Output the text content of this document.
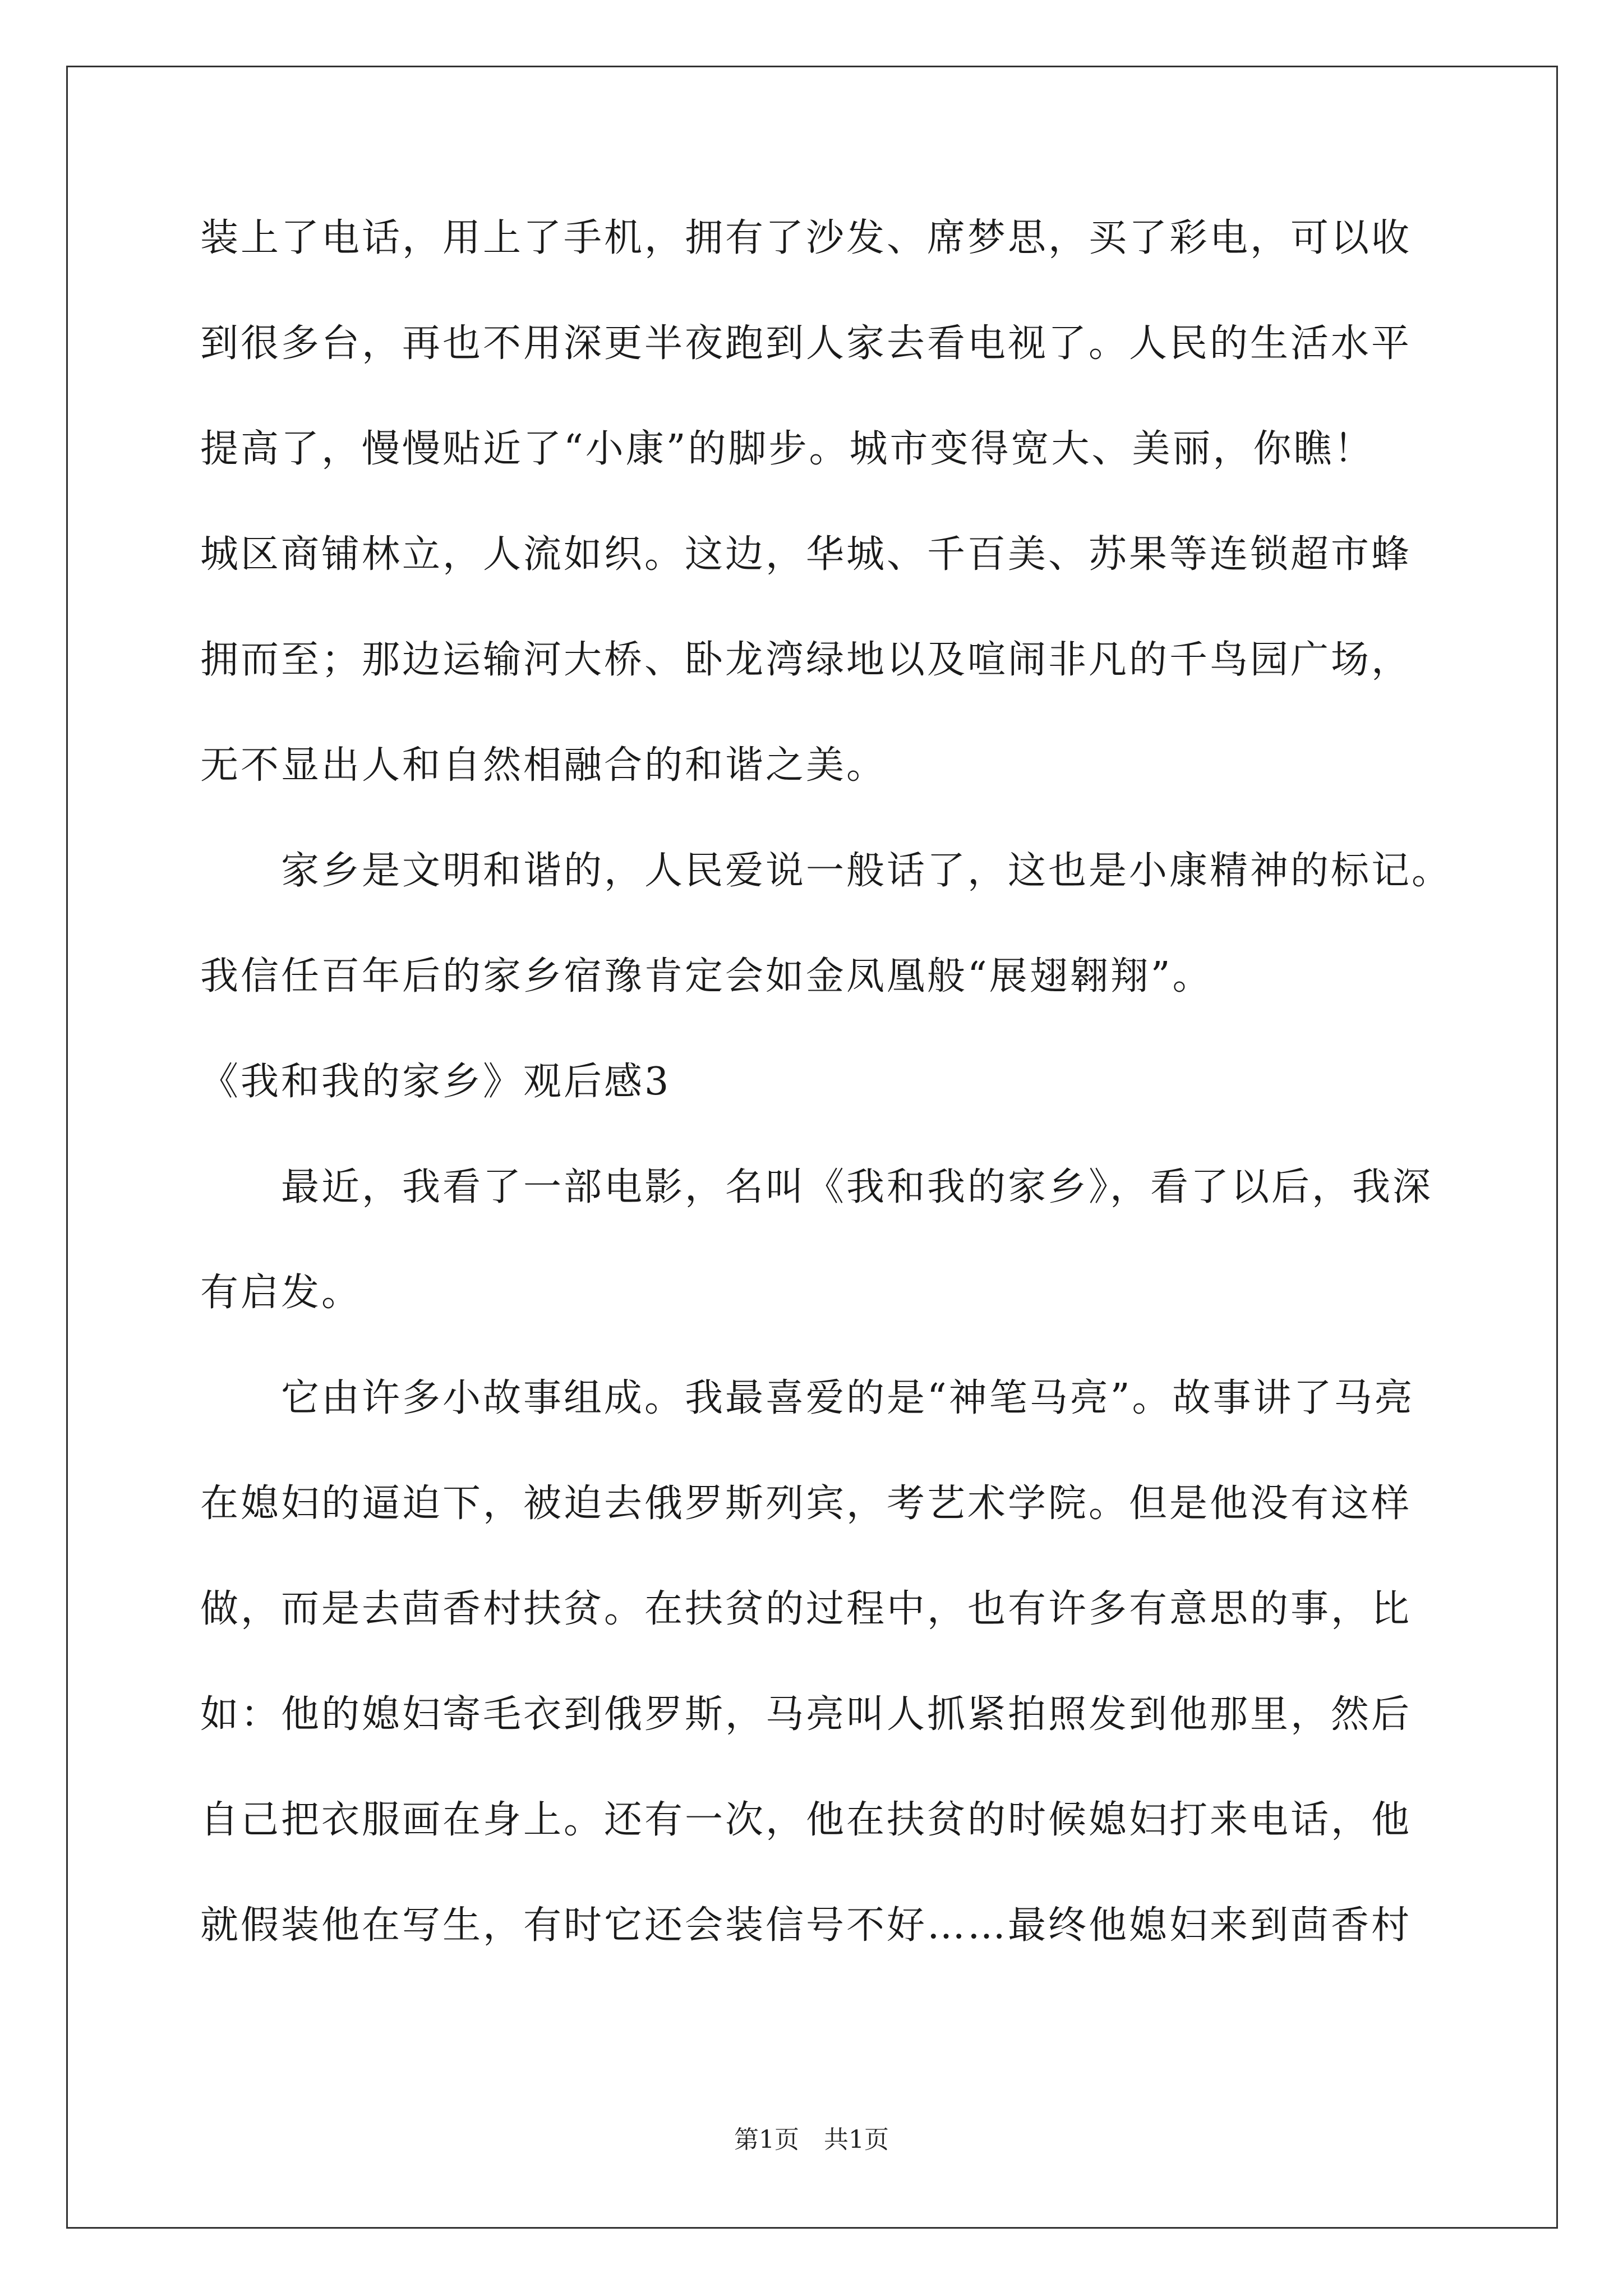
装上了电话，用上了手机，拥有了沙发、席梦思，买了彩电，可以收
到很多台，再也不用深更半夜跑到人家去看电视了。人民的生活水平
提高了，慢慢贴近了“小康”的脚步。城市变得宽大、美丽，你瞧！
城区商铺林立，人流如织。这边，华城、千百美、苏果等连锁超市蜂
拥而至；那边运输河大桥、卧龙湾绿地以及喧闹非凡的千鸟园广场，
无不显出人和自然相融合的和谐之美。
　　家乡是文明和谐的，人民爱说一般话了，这也是小康精神的标记。
我信任百年后的家乡宿豫肯定会如金凤凰般“展翅翱翔”。
《我和我的家乡》观后感3
　　最近，我看了一部电影，名叫《我和我的家乡》，看了以后，我深
有启发。
　　它由许多小故事组成。我最喜爱的是“神笔马亮”。故事讲了马亮
在媳妇的逼迫下，被迫去俄罗斯列宾，考艺术学院。但是他没有这样
做，而是去茴香村扶贫。在扶贫的过程中，也有许多有意思的事，比
如：他的媳妇寄毛衣到俄罗斯，马亮叫人抓紧拍照发到他那里，然后
自己把衣服画在身上。还有一次，他在扶贫的时候媳妇打来电话，他
就假装他在写生，有时它还会装信号不好……最终他媳妇来到茴香村
第1页　共1页
